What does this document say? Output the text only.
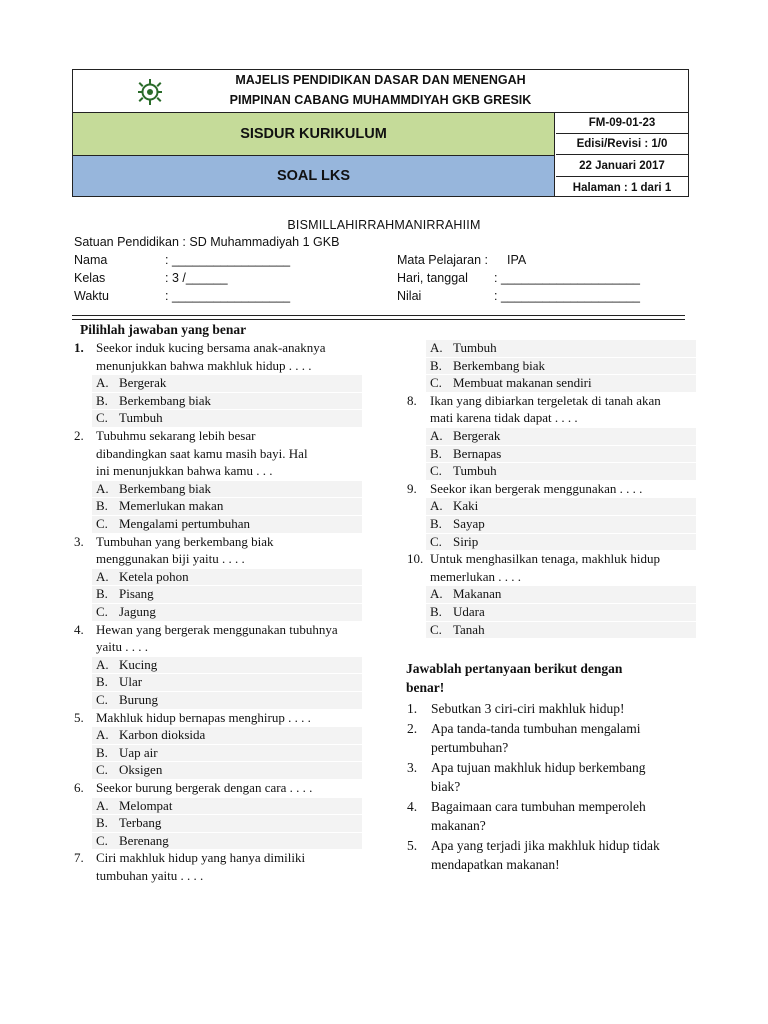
MAJELIS PENDIDIKAN DASAR DAN MENENGAH
PIMPINAN CABANG MUHAMMDIYAH GKB GRESIK
SISDUR KURIKULUM
SOAL LKS
FM-09-01-23
Edisi/Revisi : 1/0
22 Januari 2017
Halaman : 1 dari 1
BISMILLAHIRRAHMANIRRAHIIM
Satuan Pendidikan : SD Muhammadiyah 1 GKB
Nama	: _________________
Kelas	: 3 /______
Waktu	: _________________
Mata Pelajaran : IPA
Hari, tanggal : ____________________
Nilai	: ____________________
Pilihlah jawaban yang benar
1. Seekor induk kucing bersama anak-anaknya
menunjukkan bahwa makhluk hidup . . . .
A. Bergerak
B. Berkembang biak
C. Tumbuh
2. Tubuhmu sekarang lebih besar
dibandingkan saat kamu masih bayi. Hal
ini menunjukkan bahwa kamu . . .
A. Berkembang biak
B. Memerlukan makan
C. Mengalami pertumbuhan
3. Tumbuhan yang berkembang biak
menggunakan biji yaitu . . . .
A. Ketela pohon
B. Pisang
C. Jagung
4. Hewan yang bergerak menggunakan tubuhnya
yaitu . . . .
A. Kucing
B. Ular
C. Burung
5. Makhluk hidup bernapas menghirup . . . .
A. Karbon dioksida
B. Uap air
C. Oksigen
6. Seekor burung bergerak dengan cara . . . .
A. Melompat
B. Terbang
C. Berenang
7. Ciri makhluk hidup yang hanya dimiliki
tumbuhan yaitu . . . .
A. Tumbuh
B. Berkembang biak
C. Membuat makanan sendiri
8. Ikan yang dibiarkan tergeletak di tanah akan
mati karena tidak dapat . . . .
A. Bergerak
B. Bernapas
C. Tumbuh
9. Seekor ikan bergerak menggunakan . . . .
A. Kaki
B. Sayap
C. Sirip
10. Untuk menghasilkan tenaga, makhluk hidup
memerlukan . . . .
A. Makanan
B. Udara
C. Tanah
Jawablah pertanyaan berikut dengan
benar!
1. Sebutkan 3 ciri-ciri makhluk hidup!
2. Apa tanda-tanda tumbuhan mengalami
pertumbuhan?
3. Apa tujuan makhluk hidup berkembang
biak?
4. Bagaimaan cara tumbuhan memperoleh
makanan?
5. Apa yang terjadi jika makhluk hidup tidak
mendapatkan makanan!
